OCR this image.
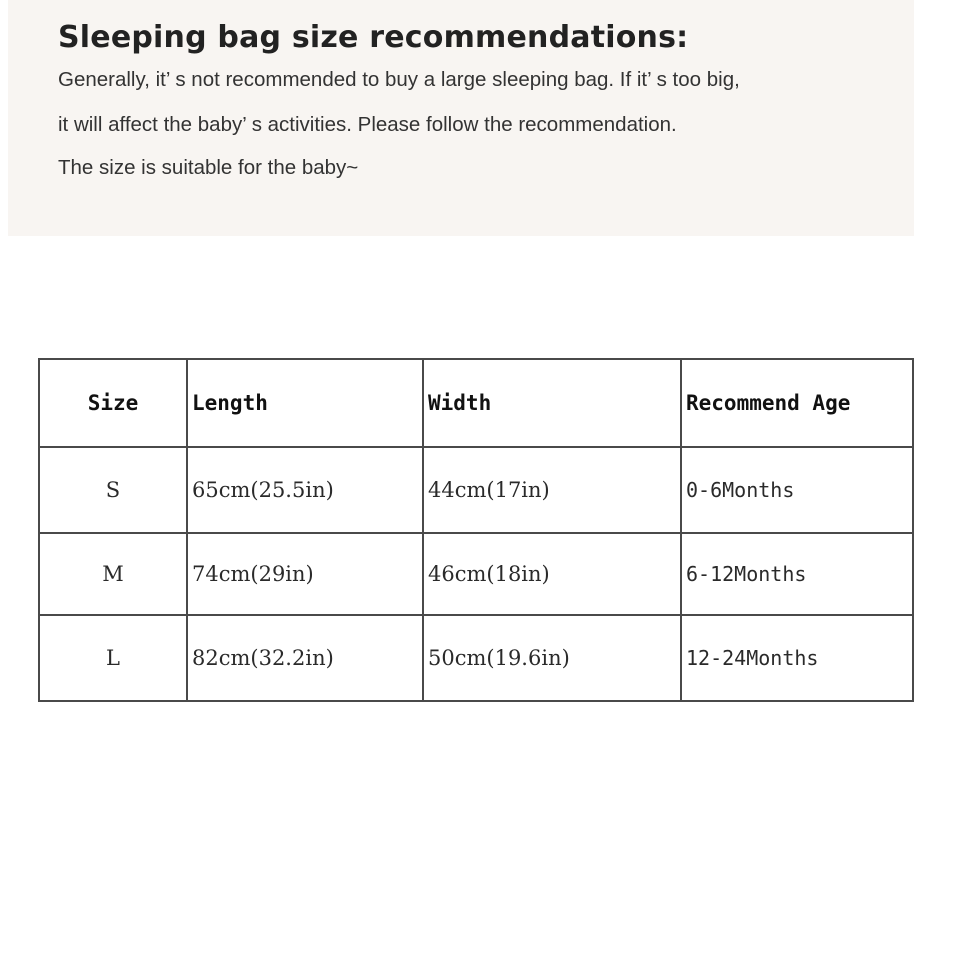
Sleeping bag size recommendations:

Generally, it’ s not recommended to buy a large sleeping bag. If it’ s too big,

it will affect the baby’ s activities. Please follow the recommendation.

The size is suitable for the baby~

Size	Length	Width	Recommend Age
S	65cm(25.5in)	44cm(17in)	0-6Months
M	74cm(29in)	46cm(18in)	6-12Months
L	82cm(32.2in)	50cm(19.6in)	12-24Months
